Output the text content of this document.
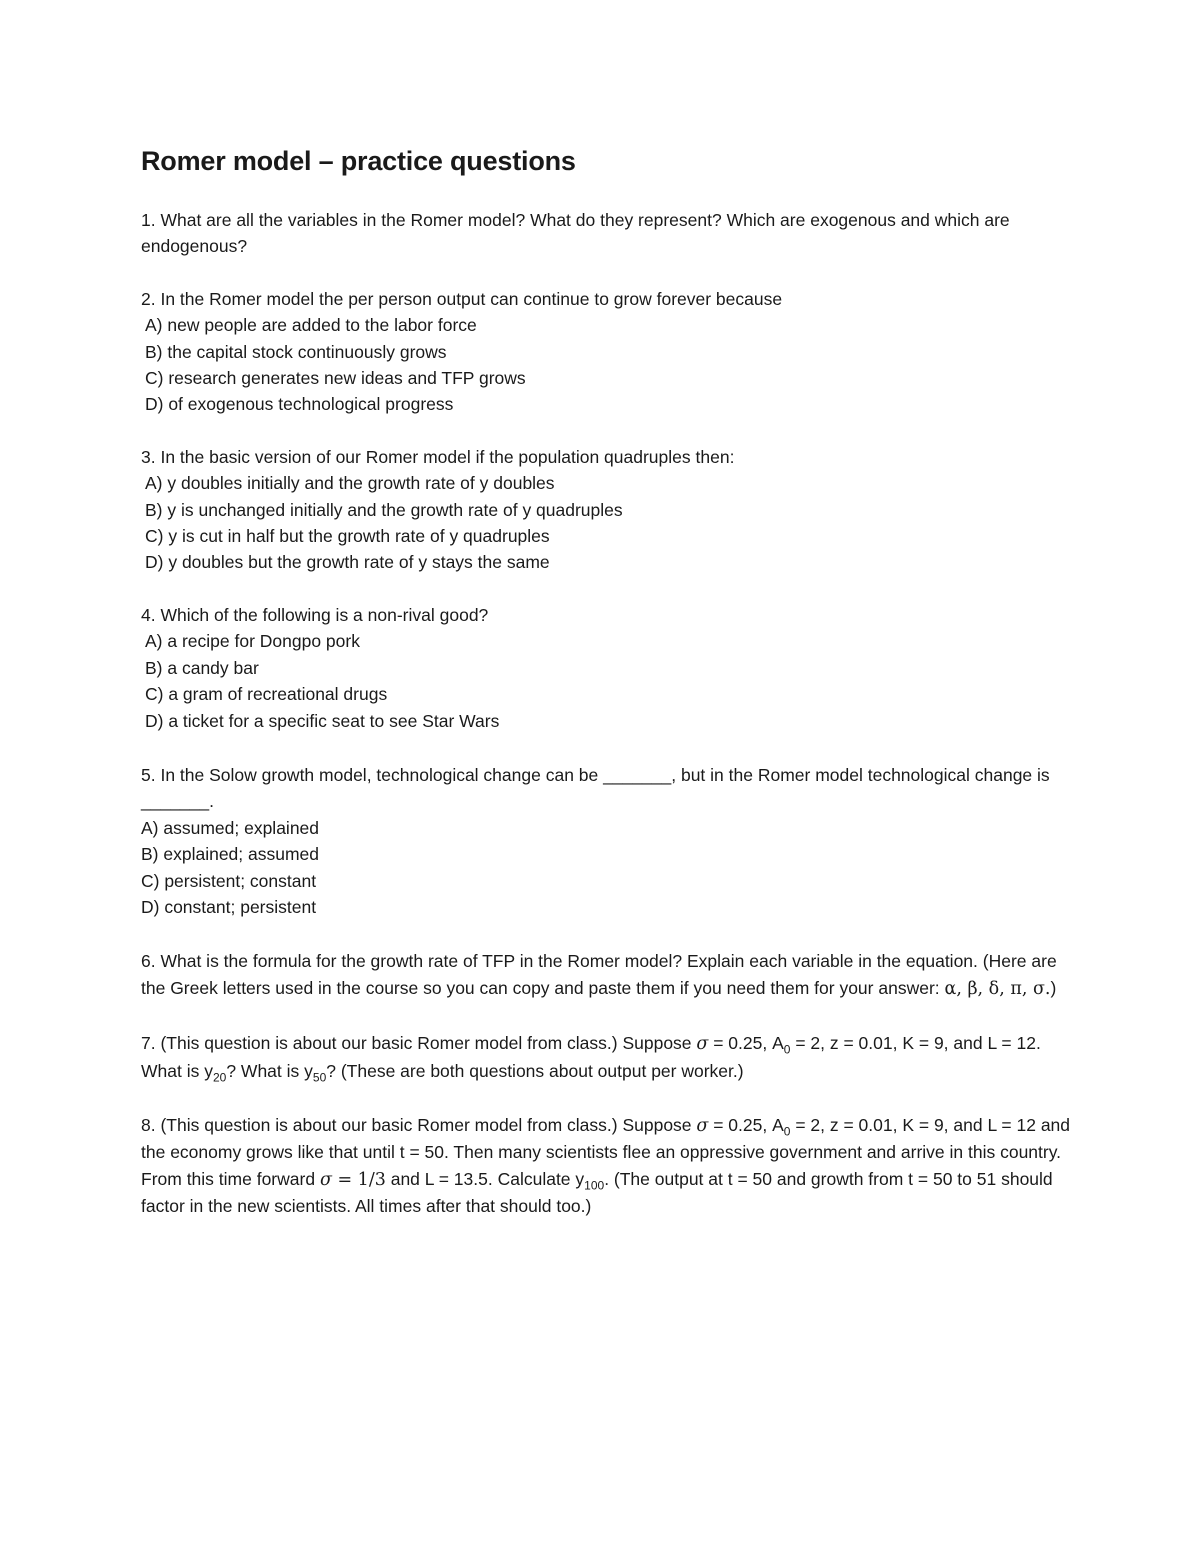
Romer model – practice questions

1. What are all the variables in the Romer model? What do they represent? Which are exogenous and which are endogenous?

2. In the Romer model the per person output can continue to grow forever because

A) new people are added to the labor force

B) the capital stock continuously grows

C) research generates new ideas and TFP grows

D) of exogenous technological progress

3. In the basic version of our Romer model if the population quadruples then:

A) y doubles initially and the growth rate of y doubles

B) y is unchanged initially and the growth rate of y quadruples

C) y is cut in half but the growth rate of y quadruples

D) y doubles but the growth rate of y stays the same

4. Which of the following is a non-rival good?

A) a recipe for Dongpo pork

B) a candy bar

C) a gram of recreational drugs

D) a ticket for a specific seat to see Star Wars

5. In the Solow growth model, technological change can be _______, but in the Romer model technological change is _______.

A) assumed; explained

B) explained; assumed

C) persistent; constant

D) constant; persistent

6. What is the formula for the growth rate of TFP in the Romer model? Explain each variable in the equation. (Here are the Greek letters used in the course so you can copy and paste them if you need them for your answer: α, β, δ, π, σ.)

7. (This question is about our basic Romer model from class.) Suppose σ = 0.25, $A_0 = 2$, z = 0.01, K = 9, and L = 12. What is $y_{20}$? What is $y_{50}$? (These are both questions about output per worker.)

8. (This question is about our basic Romer model from class.) Suppose σ = 0.25, $A_0 = 2$, z = 0.01, K = 9, and L = 12 and the economy grows like that until t = 50. Then many scientists flee an oppressive government and arrive in this country. From this time forward σ = 1/3 and L = 13.5. Calculate $y_{100}$. (The output at t = 50 and growth from t = 50 to 51 should factor in the new scientists. All times after that should too.)
